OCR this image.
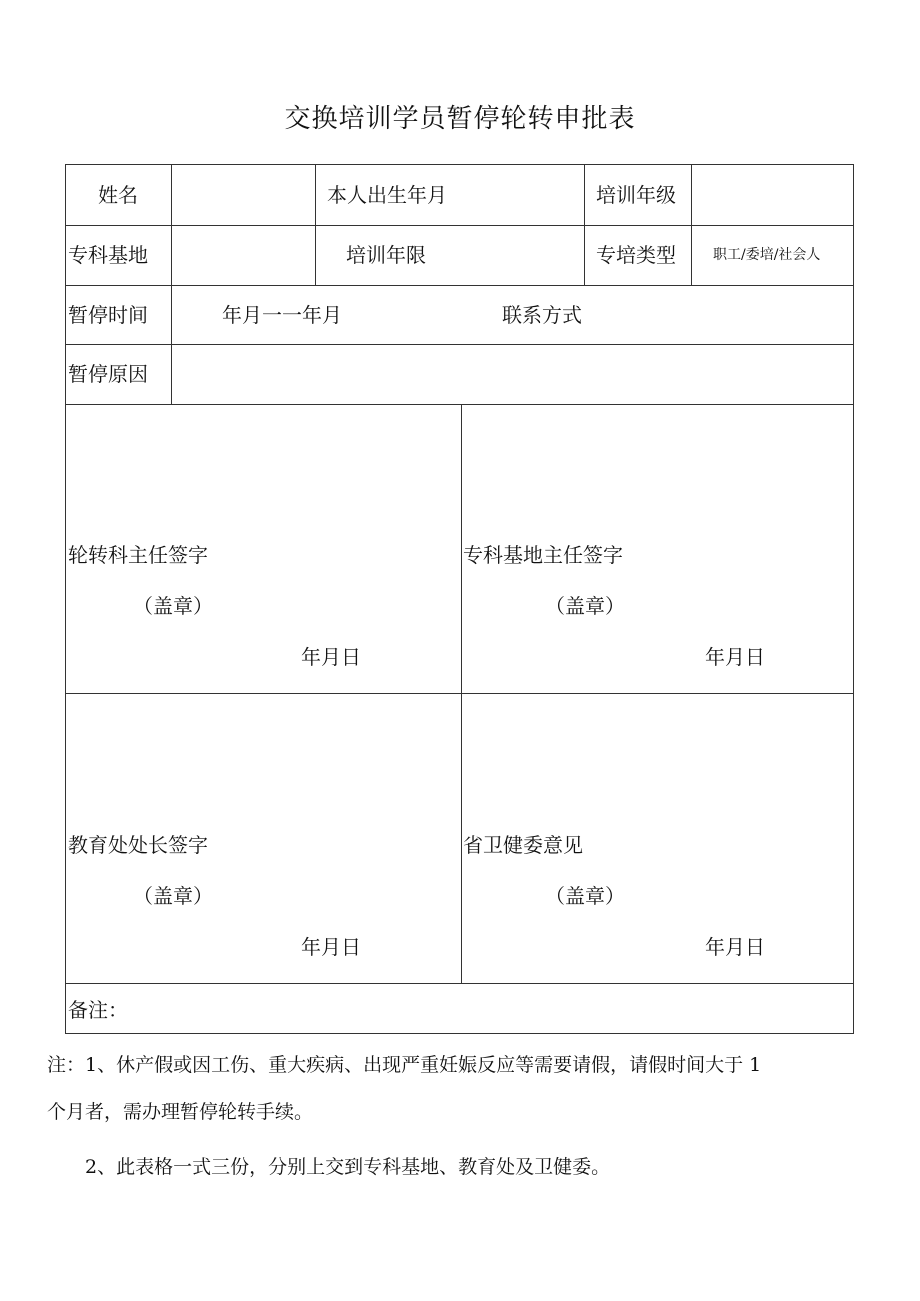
交换培训学员暂停轮转申批表
姓名	本人出生年月	培训年级
专科基地	培训年限	专培类型	职工/委培/社会人
暂停时间	年月一一年月	联系方式
暂停原因
轮转科主任签字
（盖章）
年月日
专科基地主任签字
（盖章）
年月日
教育处处长签字
（盖章）
年月日
省卫健委意见
（盖章）
年月日
备注：
注：1、休产假或因工伤、重大疾病、出现严重妊娠反应等需要请假，请假时间大于 1
个月者，需办理暂停轮转手续。
2、此表格一式三份，分别上交到专科基地、教育处及卫健委。
